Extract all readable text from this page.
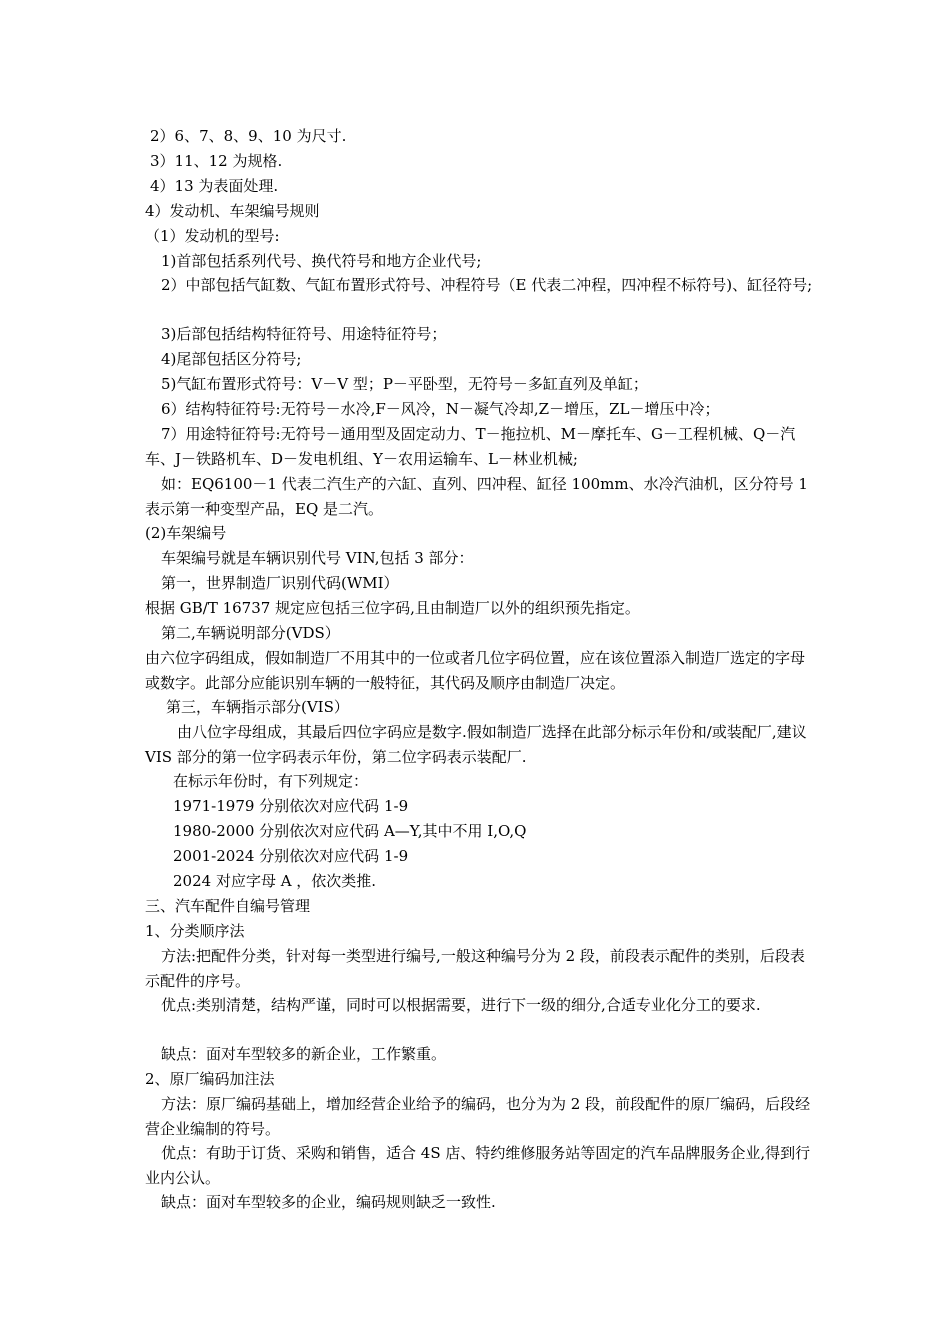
2）6、7、8、9、10 为尺寸.
3）11、12 为规格.
4）13 为表面处理.
4）发动机、车架编号规则
（1）发动机的型号:
1)首部包括系列代号、换代符号和地方企业代号;
2）中部包括气缸数、气缸布置形式符号、冲程符号（E 代表二冲程，四冲程不标符号)、缸径符号;
3)后部包括结构特征符号、用途特征符号；
4)尾部包括区分符号;
5)气缸布置形式符号：V－V 型；P－平卧型，无符号－多缸直列及单缸；
6）结构特征符号:无符号－水冷,F－风冷，N－凝气冷却,Z－增压，ZL－增压中冷；
7）用途特征符号:无符号－通用型及固定动力、T－拖拉机、M－摩托车、G－工程机械、Q－汽车、J－铁路机车、D－发电机组、Y－农用运输车、L－林业机械;
如：EQ6100－1 代表二汽生产的六缸、直列、四冲程、缸径 100mm、水冷汽油机，区分符号 1 表示第一种变型产品，EQ 是二汽。
(2)车架编号
车架编号就是车辆识别代号 VIN,包括 3 部分：
第一，世界制造厂识别代码(WMI）
根据 GB/T 16737 规定应包括三位字码,且由制造厂以外的组织预先指定。
第二,车辆说明部分(VDS）
由六位字码组成，假如制造厂不用其中的一位或者几位字码位置，应在该位置添入制造厂选定的字母或数字。此部分应能识别车辆的一般特征，其代码及顺序由制造厂决定。
第三，车辆指示部分(VIS）
由八位字母组成，其最后四位字码应是数字.假如制造厂选择在此部分标示年份和/或装配厂,建议 VIS 部分的第一位字码表示年份，第二位字码表示装配厂.
在标示年份时，有下列规定：
1971-1979 分别依次对应代码 1-9
1980-2000 分别依次对应代码 A—Y,其中不用 I,O,Q
2001-2024 分别依次对应代码 1-9
2024 对应字母 A ，依次类推.
三、汽车配件自编号管理
1、分类顺序法
方法:把配件分类，针对每一类型进行编号,一般这种编号分为 2 段，前段表示配件的类别，后段表示配件的序号。
优点:类别清楚，结构严谨，同时可以根据需要，进行下一级的细分,合适专业化分工的要求.
缺点：面对车型较多的新企业，工作繁重。
2、原厂编码加注法
方法：原厂编码基础上，增加经营企业给予的编码，也分为为 2 段，前段配件的原厂编码，后段经营企业编制的符号。
优点：有助于订货、采购和销售，适合 4S 店、特约维修服务站等固定的汽车品牌服务企业,得到行业内公认。
缺点：面对车型较多的企业，编码规则缺乏一致性.
